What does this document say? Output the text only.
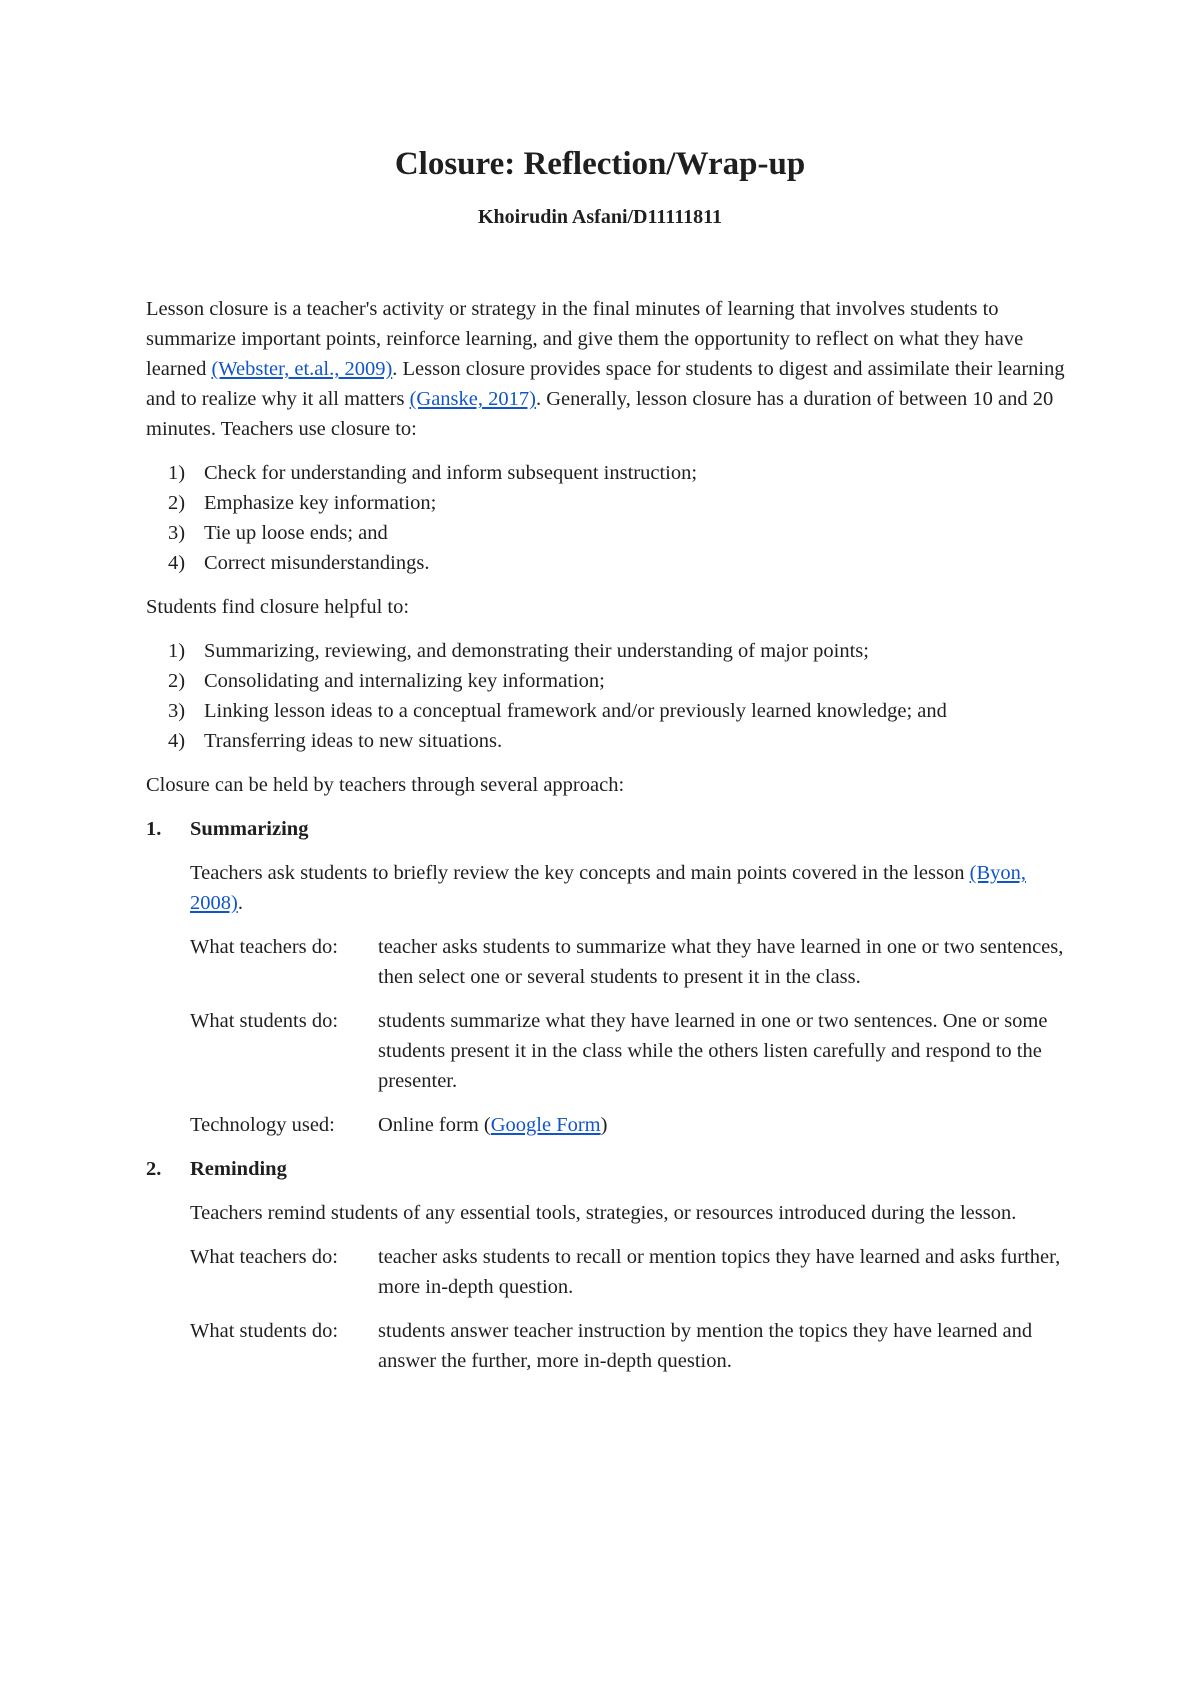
Closure: Reflection/Wrap-up
Khoirudin Asfani/D11111811

Lesson closure is a teacher's activity or strategy in the final minutes of learning that involves students to summarize important points, reinforce learning, and give them the opportunity to reflect on what they have learned (Webster, et.al., 2009). Lesson closure provides space for students to digest and assimilate their learning and to realize why it all matters (Ganske, 2017). Generally, lesson closure has a duration of between 10 and 20 minutes. Teachers use closure to:

1) Check for understanding and inform subsequent instruction;
2) Emphasize key information;
3) Tie up loose ends; and
4) Correct misunderstandings.

Students find closure helpful to:

1) Summarizing, reviewing, and demonstrating their understanding of major points;
2) Consolidating and internalizing key information;
3) Linking lesson ideas to a conceptual framework and/or previously learned knowledge; and
4) Transferring ideas to new situations.

Closure can be held by teachers through several approach:

1. Summarizing

Teachers ask students to briefly review the key concepts and main points covered in the lesson (Byon, 2008).

What teachers do:	teacher asks students to summarize what they have learned in one or two sentences, then select one or several students to present it in the class.
What students do:	students summarize what they have learned in one or two sentences. One or some students present it in the class while the others listen carefully and respond to the presenter.
Technology used:	Online form (Google Form)
2. Reminding

Teachers remind students of any essential tools, strategies, or resources introduced during the lesson.

What teachers do:	teacher asks students to recall or mention topics they have learned and asks further, more in-depth question.
What students do:	students answer teacher instruction by mention the topics they have learned and answer the further, more in-depth question.
